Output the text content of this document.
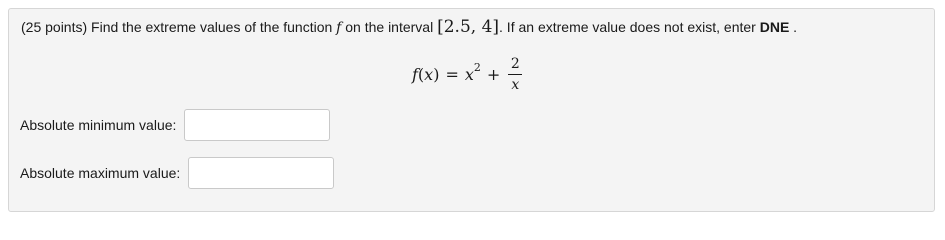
(25 points) Find the extreme values of the function f on the interval [2.5, 4]. If an extreme value does not exist, enter DNE .
f ( x ) = x $2 + \frac{2}{x}$
Absolute minimum value:
Absolute maximum value:
